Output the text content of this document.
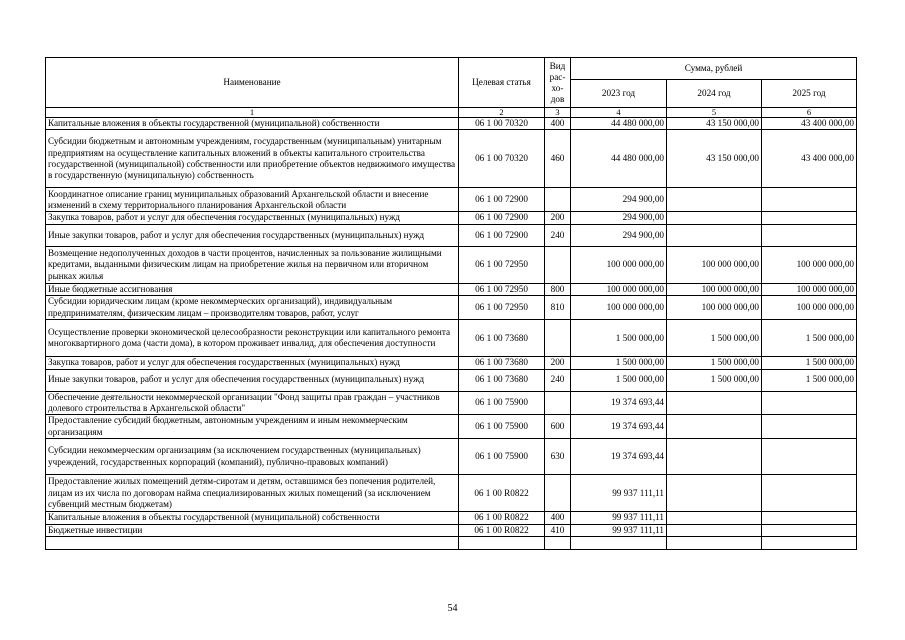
Наименование	Целевая статья	Вид рас-хо-дов	Сумма, рублей		
			2023 год	2024 год	2025 год
1	2	3	4	5	6
Капитальные вложения в объекты государственной (муниципальной) собственности	06 1 00 70320	400	44 480 000,00	43 150 000,00	43 400 000,00
Субсидии бюджетным и автономным учреждениям, государственным (муниципальным) унитарным предприятиям на осуществление капитальных вложений в объекты капитального строительства государственной (муниципальной) собственности или приобретение объектов недвижимого имущества в государственную (муниципальную) собственность	06 1 00 70320	460	44 480 000,00	43 150 000,00	43 400 000,00
Координатное описание границ муниципальных образований Архангельской области и внесение изменений в схему территориального планирования Архангельской области	06 1 00 72900		294 900,00		
Закупка товаров, работ и услуг для обеспечения государственных (муниципальных) нужд	06 1 00 72900	200	294 900,00		
Иные закупки товаров, работ и услуг для обеспечения государственных (муниципальных) нужд	06 1 00 72900	240	294 900,00		
Возмещение недополученных доходов в части процентов, начисленных за пользование жилищными кредитами, выданными физическим лицам на приобретение жилья на первичном или вторичном рынках жилья	06 1 00 72950		100 000 000,00	100 000 000,00	100 000 000,00
Иные бюджетные ассигнования	06 1 00 72950	800	100 000 000,00	100 000 000,00	100 000 000,00
Субсидии юридическим лицам (кроме некоммерческих организаций), индивидуальным предпринимателям, физическим лицам – производителям товаров, работ, услуг	06 1 00 72950	810	100 000 000,00	100 000 000,00	100 000 000,00
Осуществление проверки экономической целесообразности реконструкции или капитального ремонта многоквартирного дома (части дома), в котором проживает инвалид, для обеспечения доступности	06 1 00 73680		1 500 000,00	1 500 000,00	1 500 000,00
Закупка товаров, работ и услуг для обеспечения государственных (муниципальных) нужд	06 1 00 73680	200	1 500 000,00	1 500 000,00	1 500 000,00
Иные закупки товаров, работ и услуг для обеспечения государственных (муниципальных) нужд	06 1 00 73680	240	1 500 000,00	1 500 000,00	1 500 000,00
Обеспечение деятельности некоммерческой организации "Фонд защиты прав граждан – участников долевого строительства в Архангельской области"	06 1 00 75900		19 374 693,44		
Предоставление субсидий бюджетным, автономным учреждениям и иным некоммерческим организациям	06 1 00 75900	600	19 374 693,44		
Субсидии некоммерческим организациям (за исключением государственных (муниципальных) учреждений, государственных корпораций (компаний), публично-правовых компаний)	06 1 00 75900	630	19 374 693,44		
Предоставление жилых помещений детям-сиротам и детям, оставшимся без попечения родителей, лицам из их числа по договорам найма специализированных жилых помещений (за исключением субвенций местным бюджетам)	06 1 00 R0822		99 937 111,11		
Капитальные вложения в объекты государственной (муниципальной) собственности	06 1 00 R0822	400	99 937 111,11		
Бюджетные инвестиции	06 1 00 R0822	410	99 937 111,11		

54
